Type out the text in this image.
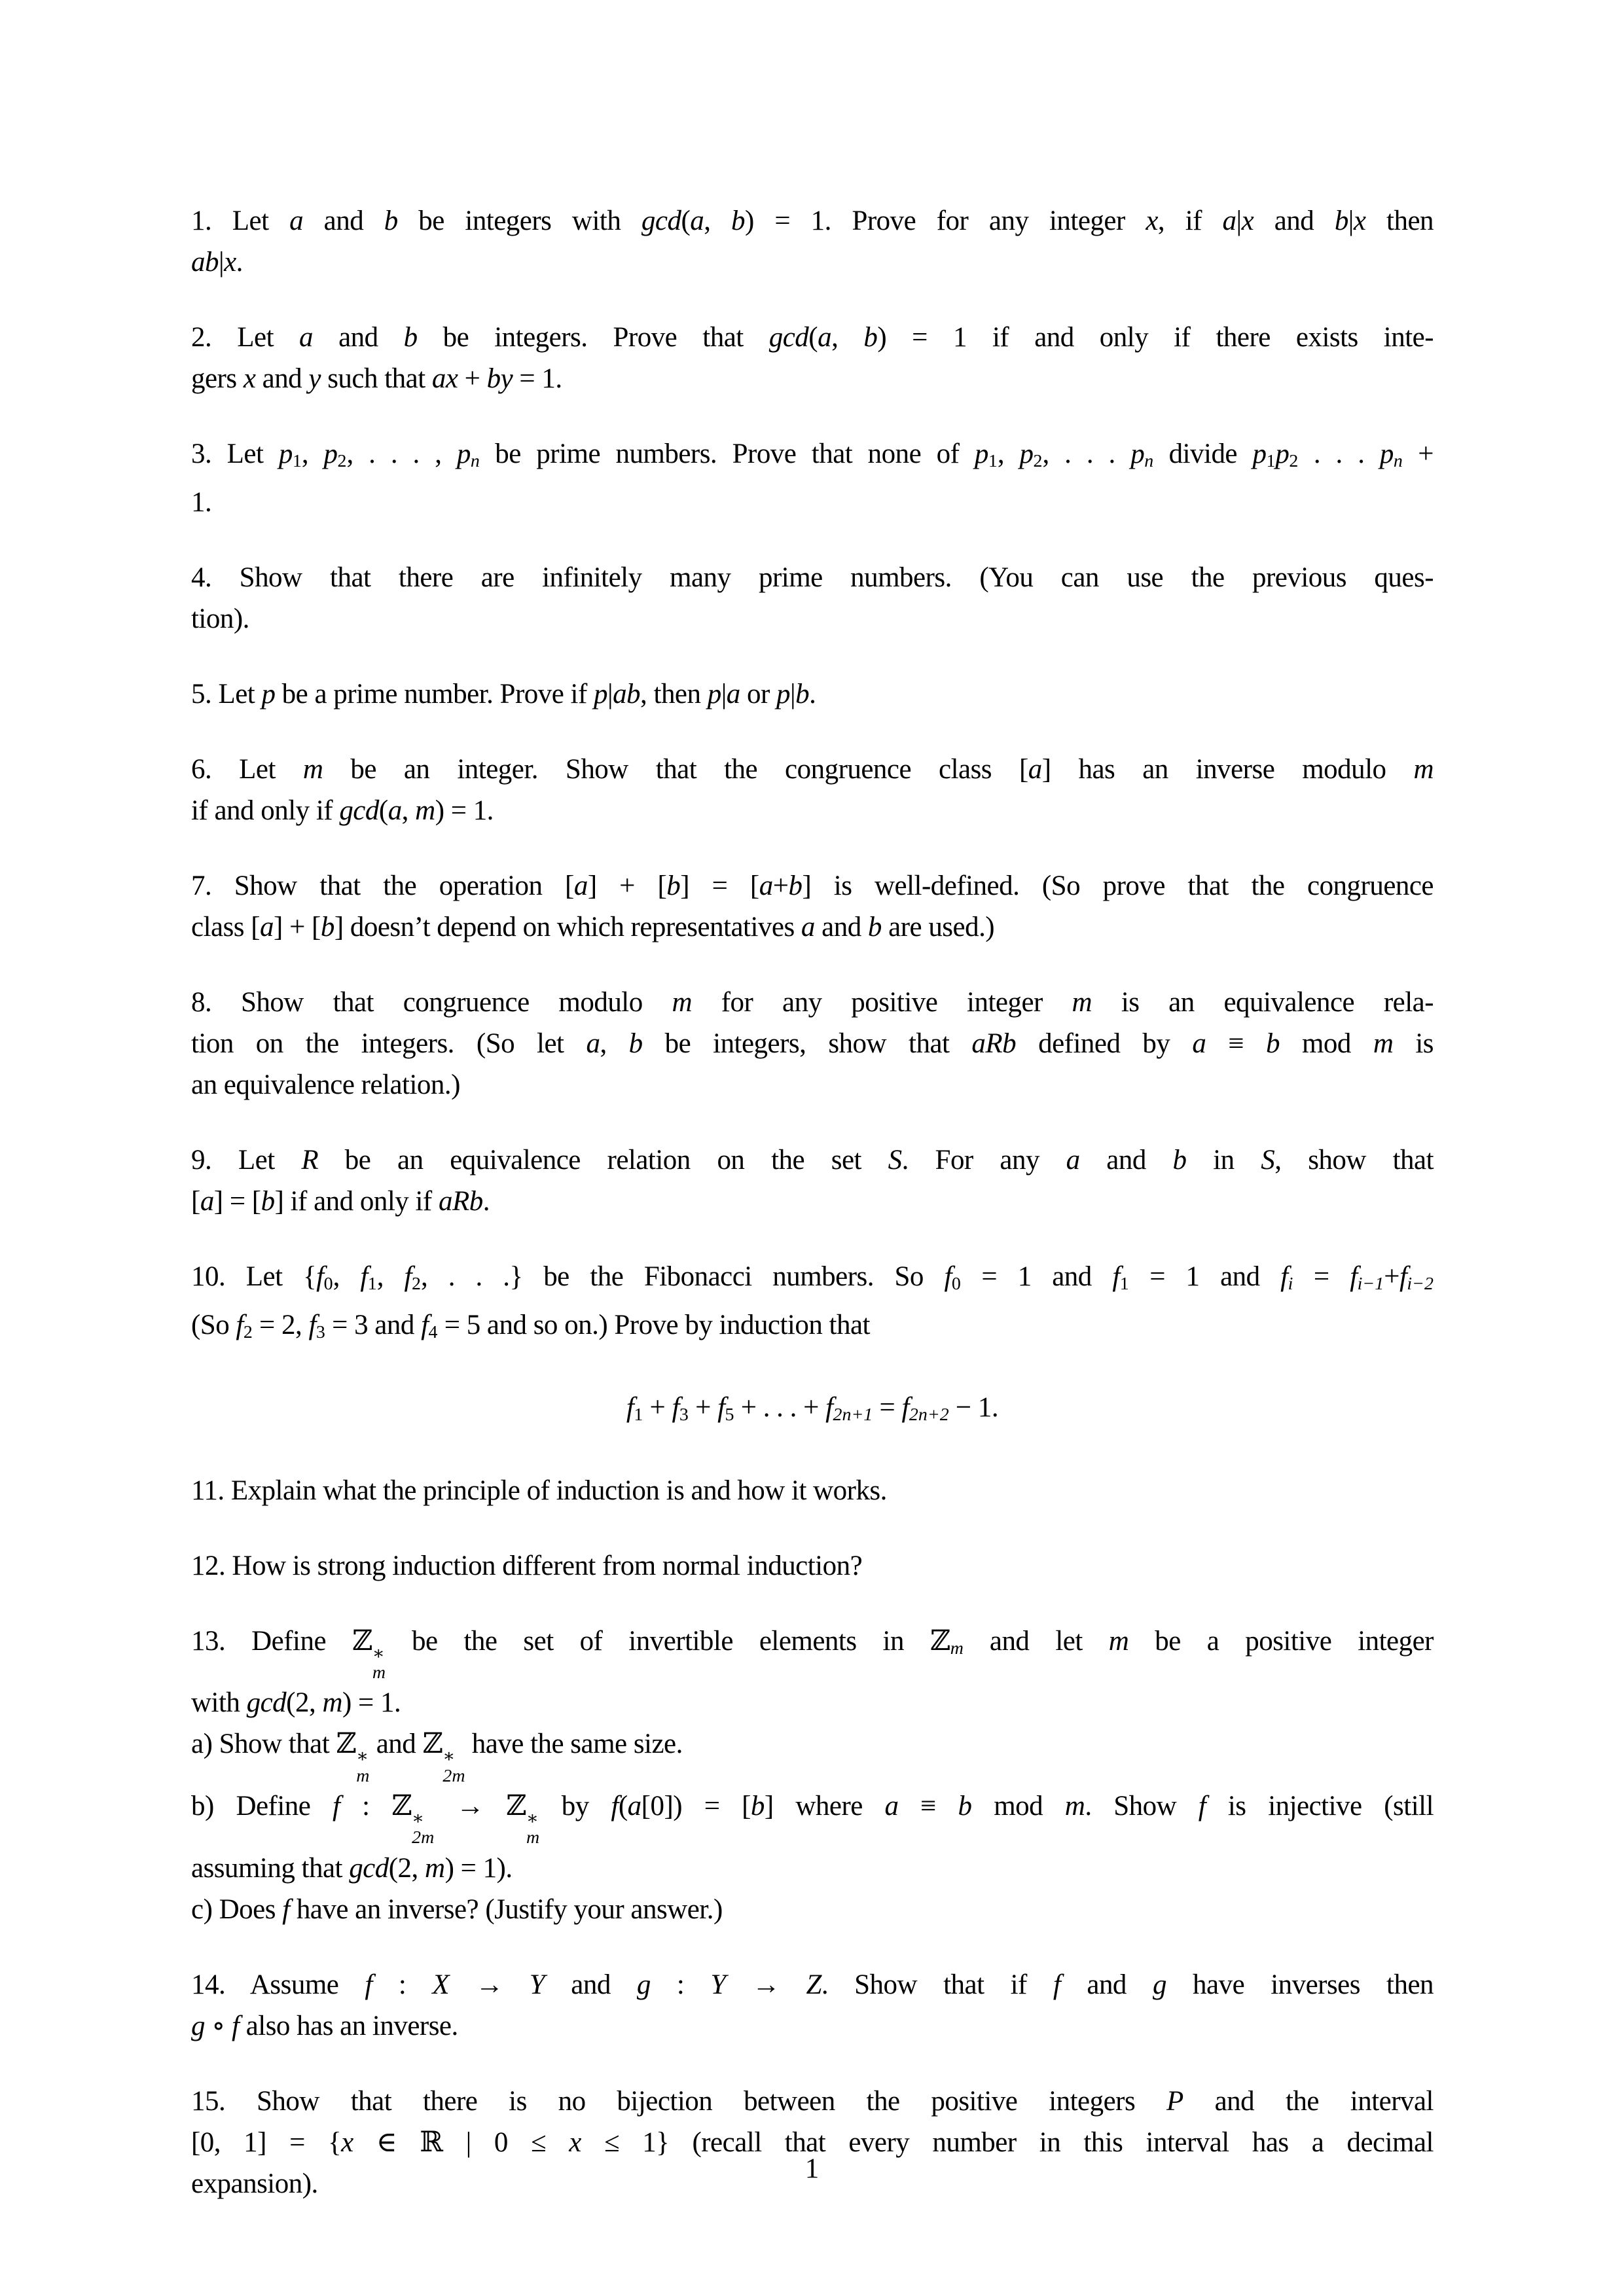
1. Let a and b be integers with gcd(a, b) = 1. Prove for any integer x, if a|x and b|x then
ab|x.
2. Let a and b be integers. Prove that gcd(a, b) = 1 if and only if there exists inte-
gers x and y such that ax + by = 1.
3. Let $p_1$, $p_2$, . . . , pn be prime numbers. Prove that none of $p_1$, $p_2$, . . . pn divide $p_1p_2$ . . . pn +
1.
4. Show that there are infinitely many prime numbers. (You can use the previous ques-
tion).
5. Let p be a prime number. Prove if p|ab, then p|a or p|b.
6. Let m be an integer. Show that the congruence class [a] has an inverse modulo m
if and only if gcd(a, m) = 1.
7. Show that the operation [a] + [b] = [a+b] is well-defined. (So prove that the congruence
class [a] + [b] doesn’t depend on which representatives a and b are used.)
8. Show that congruence modulo m for any positive integer m is an equivalence rela-
tion on the integers. (So let a, b be integers, show that aRb defined by a ≡ b mod m is
an equivalence relation.)
9. Let R be an equivalence relation on the set S. For any a and b in S, show that
[a] = [b] if and only if aRb.
10. Let {$f_0$, $f_1$, $f_2$, . . .} be the Fibonacci numbers. So $f_0 = 1$ and $f_1 = 1$ and fi = fi−1+fi−2
(So $f_2 = 2$, $f_3 = 3$ and $f_4 = 5$ and so on.) Prove by induction that
$f_1 + f_3 + f_5$ + . . . + f2n+1 = f2n+2 − 1.
11. Explain what the principle of induction is and how it works.
12. How is strong induction different from normal induction?
13. Define ℤ ∗
m
be the set of invertible elements in ℤm and let m be a positive integer
with gcd(2, m) = 1.
a) Show that ℤ ∗
m
and ℤ ∗
2m
have the same size.
b) Define f : ℤ ∗
2m
→ ℤ ∗
m
by f(a[0]) = [b] where a ≡ b mod m. Show f is injective (still
assuming that gcd(2, m) = 1).
c) Does f have an inverse? (Justify your answer.)
14. Assume f : X → Y and g : Y → Z. Show that if f and g have inverses then
g ∘ f also has an inverse.
15. Show that there is no bijection between the positive integers P and the interval
[0, 1] = {x ∈ ℝ | 0 ≤ x ≤ 1} (recall that every number in this interval has a decimal
expansion).	1
